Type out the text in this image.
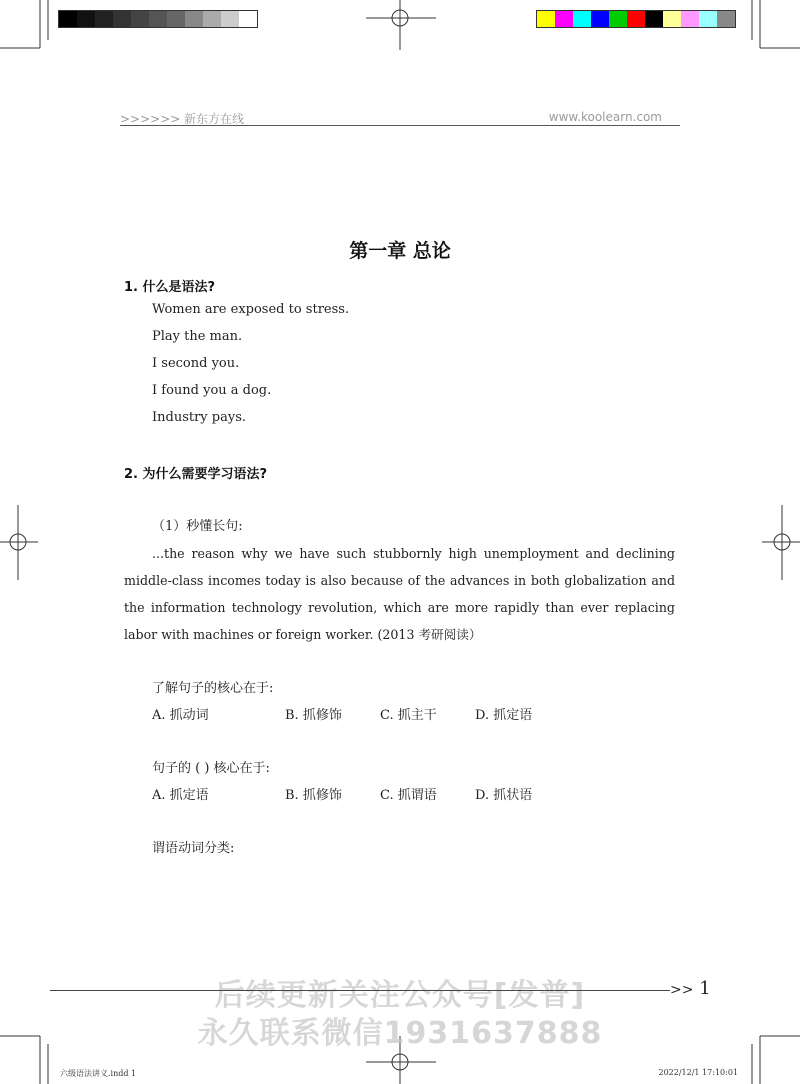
>>>>>> 新东方在线	www.koolearn.com
第一章 总论
1. 什么是语法?
Women are exposed to stress.
Play the man.
I second you.
I found you a dog.
Industry pays.
2. 为什么需要学习语法?
（1）秒懂长句:
...the reason why we have such stubbornly high unemployment and declining middle-class incomes today is also because of the advances in both globalization and the information technology revolution, which are more rapidly than ever replacing labor with machines or foreign worker. (2013 考研阅读）
了解句子的核心在于:
A. 抓动词	B. 抓修饰	C. 抓主干	D. 抓定语
句子的 ( ) 核心在于:
A. 抓定语	B. 抓修饰	C. 抓谓语	D. 抓状语
谓语动词分类:
后续更新关注公众号[发普]
永久联系微信1931637888
>> 1
六级语法讲义.indd 1	2022/12/1 17:10:01
